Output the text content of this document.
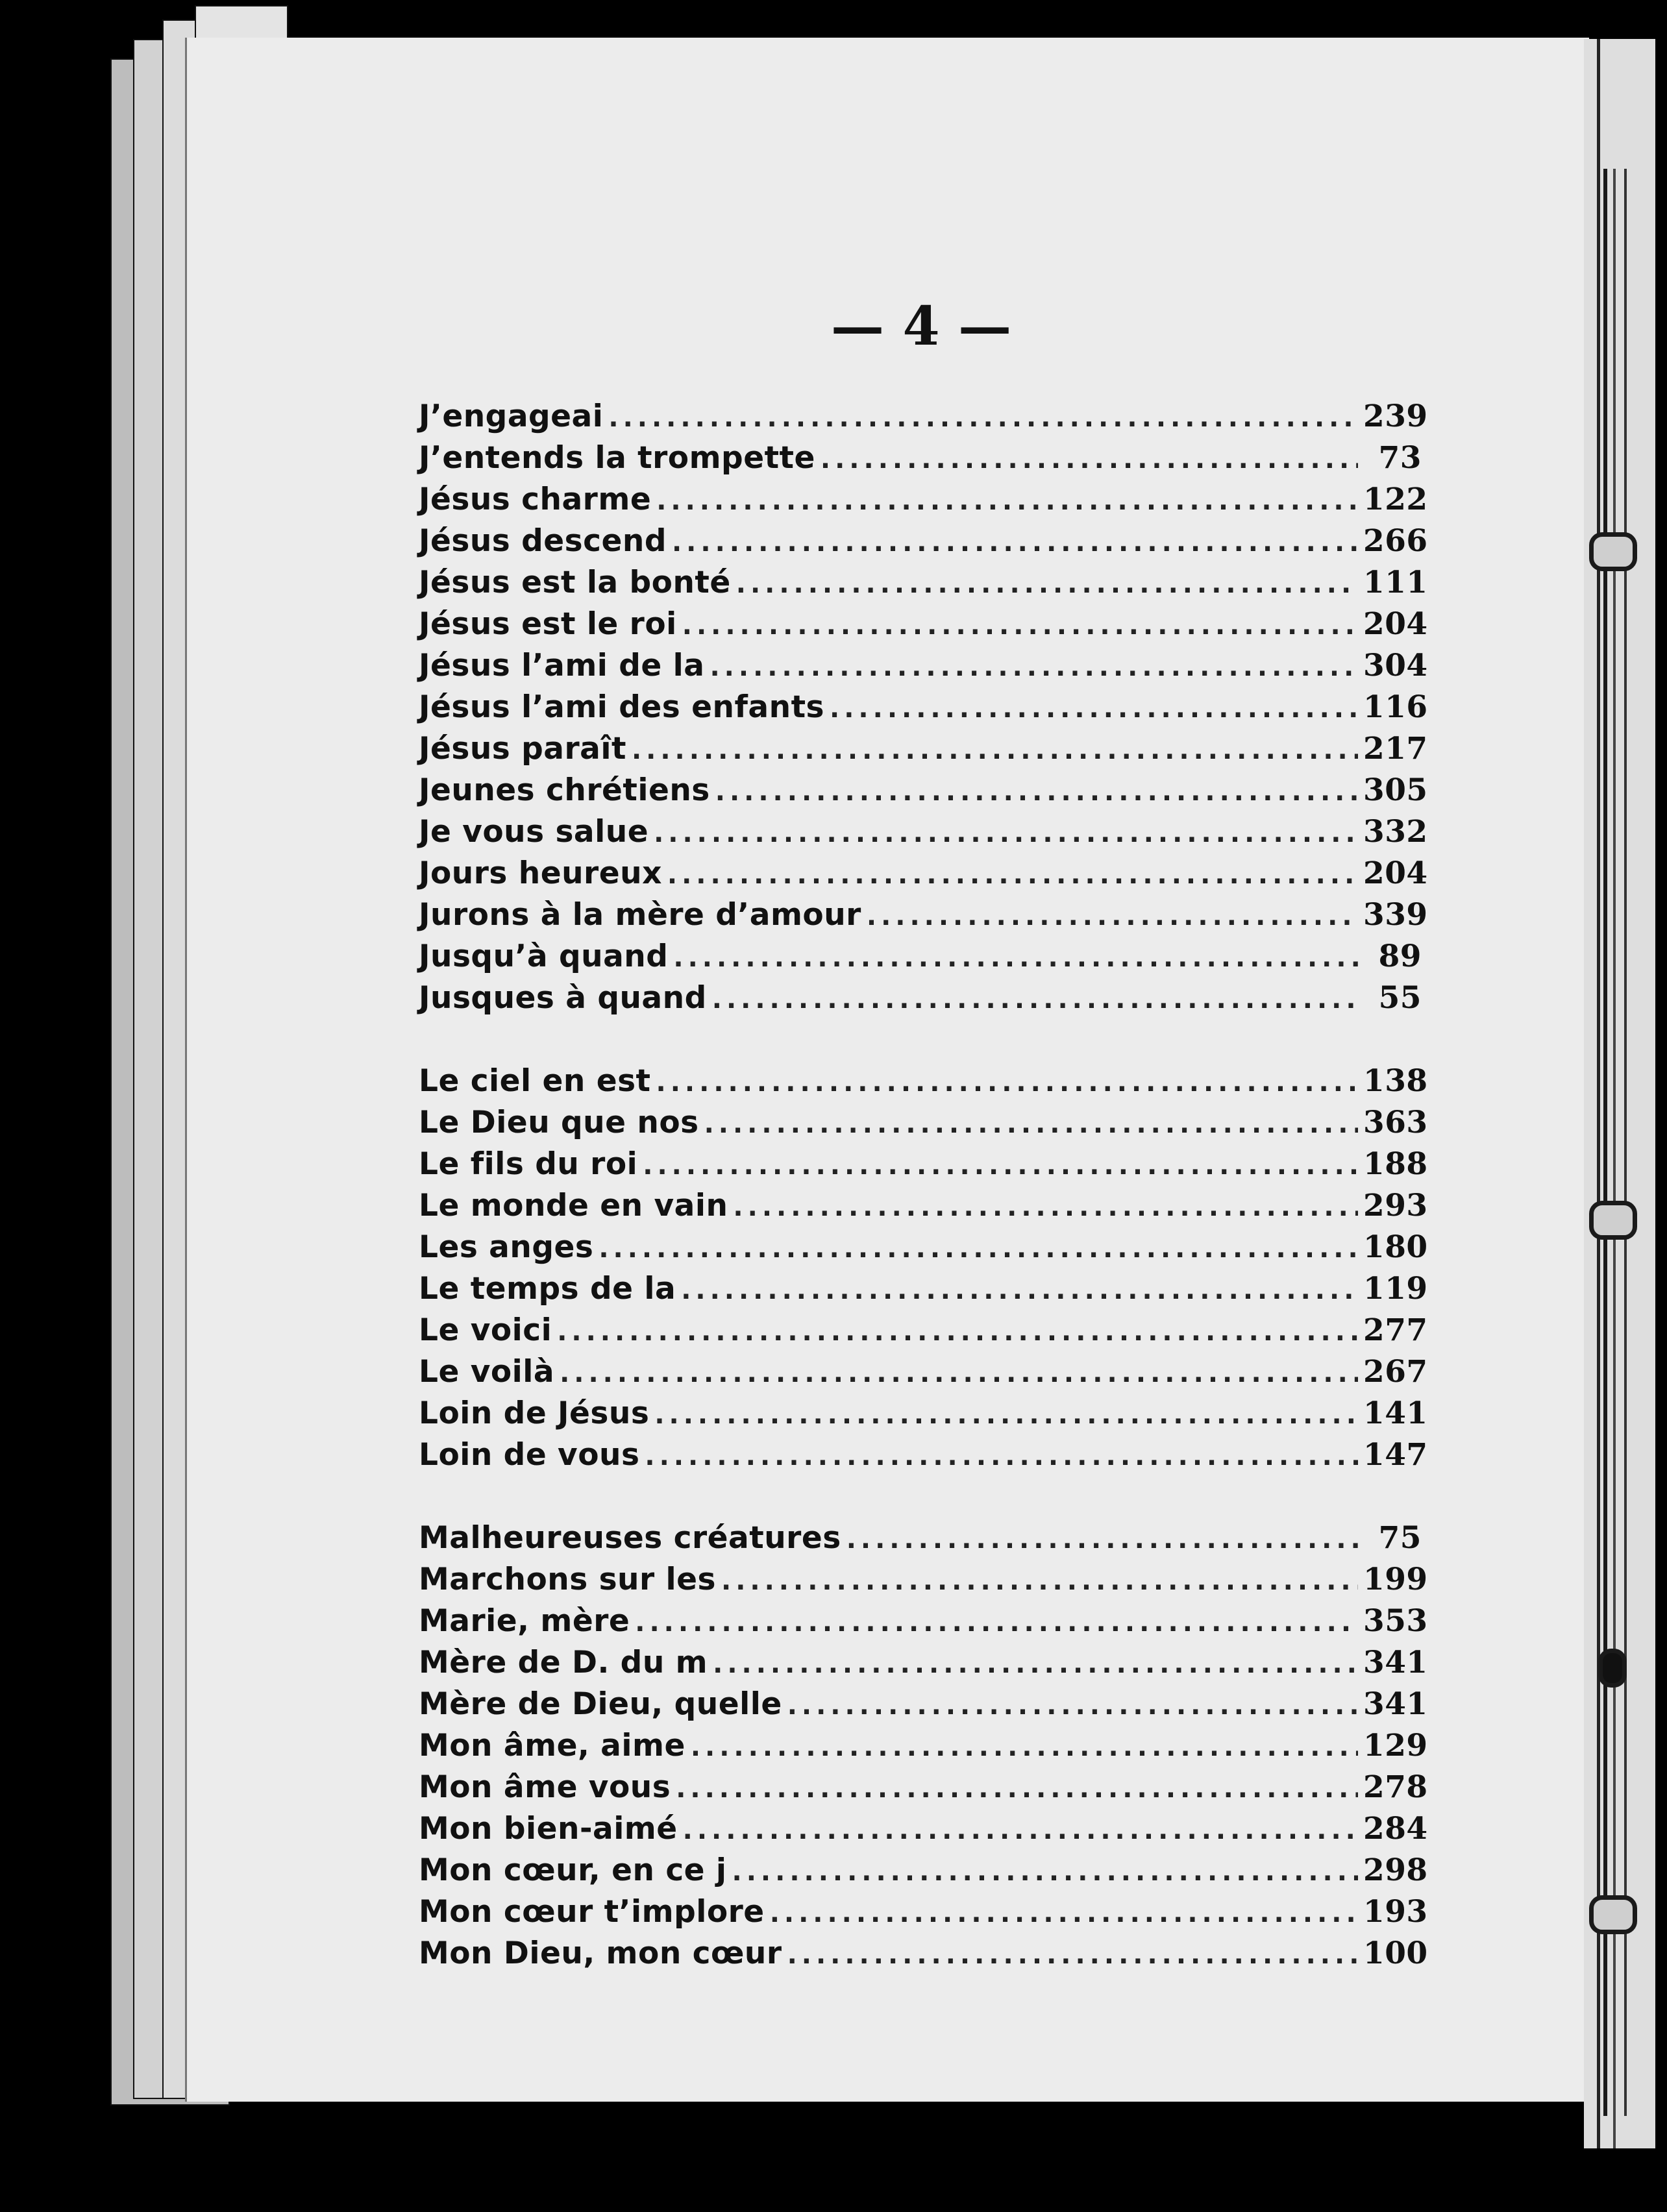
— 4 —
J’engageai .....	239
J’entends la trompette .....	73
Jésus charme .....	122
Jésus descend .....	266
Jésus est la bonté .....	111
Jésus est le roi .....	204
Jésus l’ami de la .....	304
Jésus l’ami des enfants .....	116
Jésus paraît .....	217
Jeunes chrétiens .....	305
Je vous salue .....	332
Jours heureux .....	204
Jurons à la mère d’amour .....	339
Jusqu’à quand .....	89
Jusques à quand .....	55
Le ciel en est .....	138
Le Dieu que nos .....	363
Le fils du roi .....	188
Le monde en vain .....	293
Les anges .....	180
Le temps de la .....	119
Le voici .....	277
Le voilà .....	267
Loin de Jésus .....	141
Loin de vous .....	147
Malheureuses créatures .....	75
Marchons sur les .....	199
Marie, mère .....	353
Mère de D. du m .....	341
Mère de Dieu, quelle .....	341
Mon âme, aime .....	129
Mon âme vous .....	278
Mon bien-aimé .....	284
Mon cœur, en ce j .....	298
Mon cœur t’implore .....	193
Mon Dieu, mon cœur .....	100
